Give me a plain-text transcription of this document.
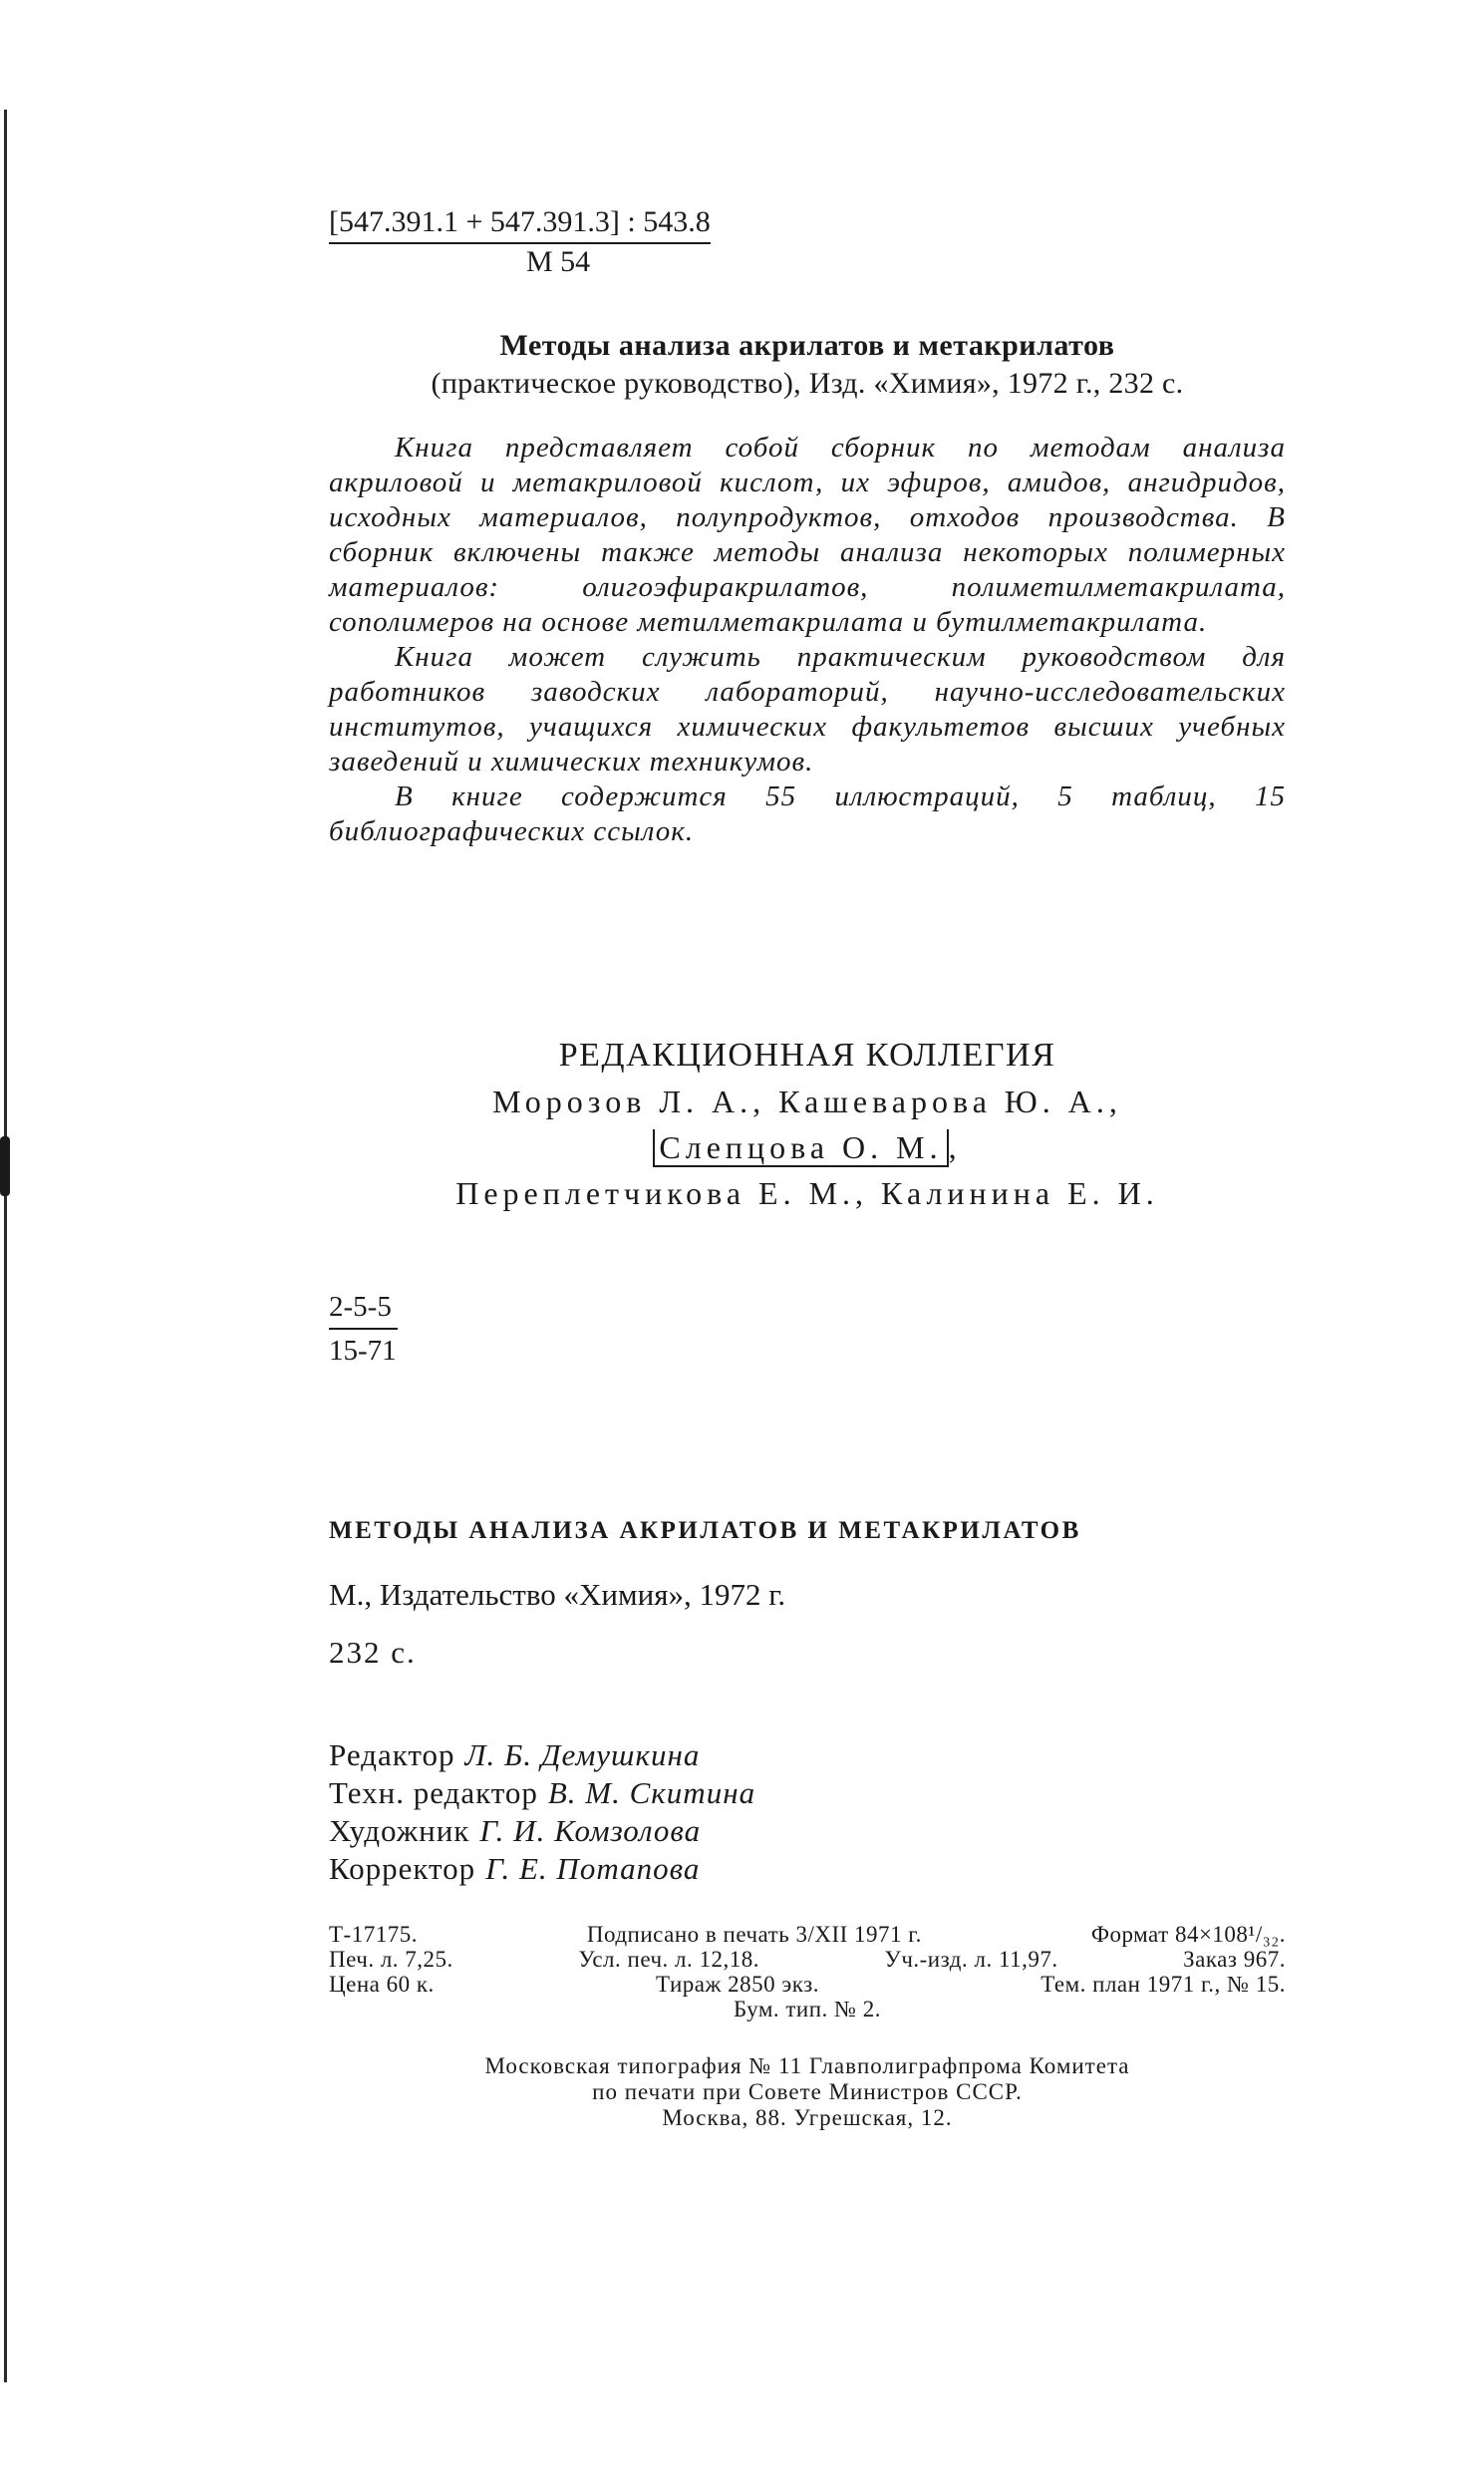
[547.391.1 + 547.391.3] : 543.8
М 54
Методы анализа акрилатов и метакрилатов
(практическое руководство), Изд. «Химия», 1972 г., 232 с.

Книга представляет собой сборник по методам анализа акриловой и метакриловой кислот, их эфиров, амидов, ангидридов, исходных материалов, полупродуктов, отходов производства. В сборник включены также методы анализа некоторых полимерных материалов: олигоэфиракрилатов, полиметилметакрилата, сополимеров на основе метилметакрилата и бутилметакрилата.

Книга может служить практическим руководством для работников заводских лабораторий, научно-исследовательских институтов, учащихся химических факультетов высших учебных заведений и химических техникумов.

В книге содержится 55 иллюстраций, 5 таблиц, 15 библиографических ссылок.

РЕДАКЦИОННАЯ КОЛЛЕГИЯ
Морозов Л. А., Кашеварова Ю. А.,
Слепцова О. М. ,
Переплетчикова Е. М., Калинина Е. И.
2-5-5
15-71
МЕТОДЫ АНАЛИЗА АКРИЛАТОВ И МЕТАКРИЛАТОВ
М., Издательство «Химия», 1972 г.
232 с.
Редактор Л. Б. Демушкина
Техн. редактор В. М. Скитина
Художник Г. И. Комзолова
Корректор Г. Е. Потапова
Т-17175.	Подписано в печать 3/XII 1971 г.	Формат 84×108¹/₃₂.
Печ. л. 7,25.	Усл. печ. л. 12,18.	Уч.-изд. л. 11,97.	Заказ 967.
Цена 60 к.	Тираж 2850 экз.	Тем. план 1971 г., № 15.
Бум. тип. № 2.
Московская типография № 11 Главполиграфпрома Комитета
по печати при Совете Министров СССР.
Москва, 88. Угрешская, 12.
